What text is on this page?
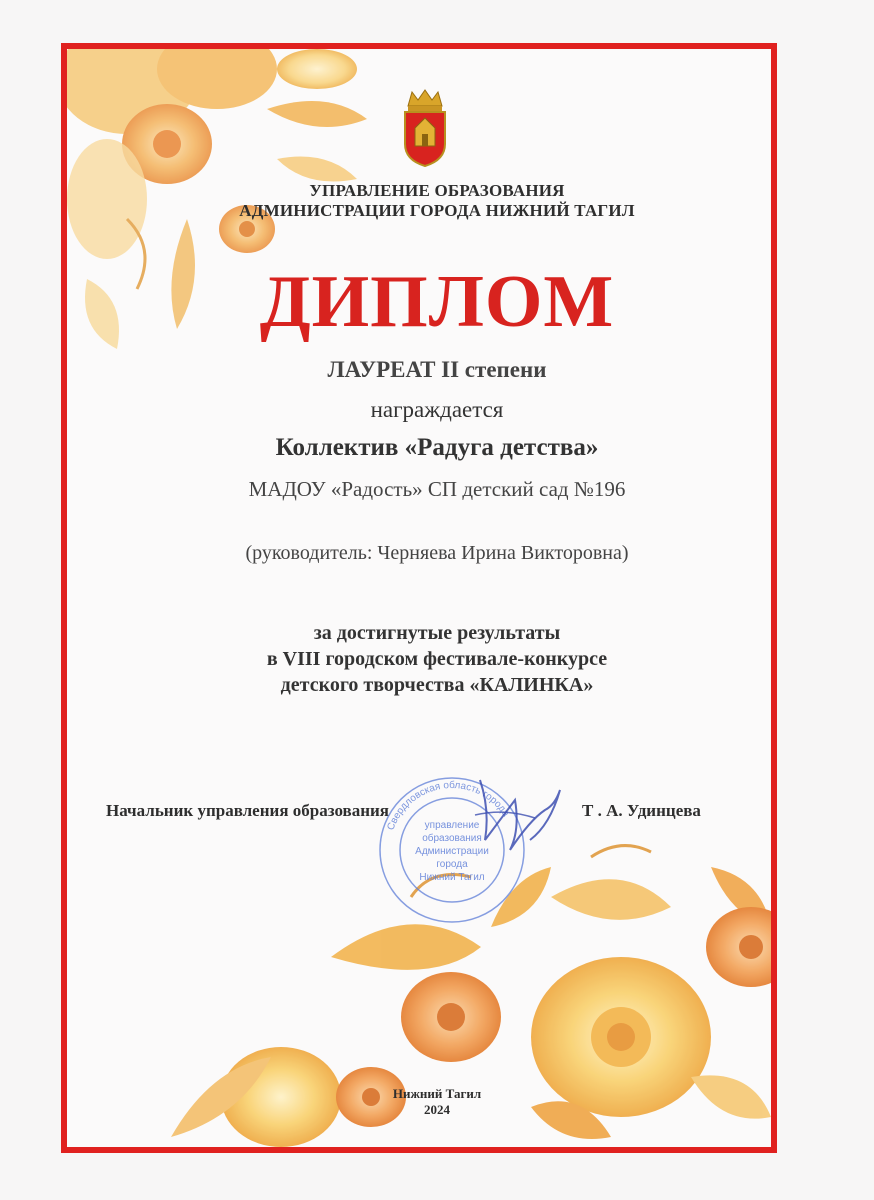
УПРАВЛЕНИЕ ОБРАЗОВАНИЯ
АДМИНИСТРАЦИИ ГОРОДА НИЖНИЙ ТАГИЛ
ДИПЛОМ
ЛАУРЕАТ II степени
награждается
Коллектив «Радуга детства»
МАДОУ «Радость» СП детский сад №196
(руководитель: Черняева Ирина Викторовна)
за достигнутые результаты
в VIII городском фестивале-конкурсе
детского творчества «КАЛИНКА»
Свердловская область города
управление
образования
Администрации
города
Нижний Тагил
Начальник управления образования	Т . А. Удинцева
Нижний Тагил
2024
